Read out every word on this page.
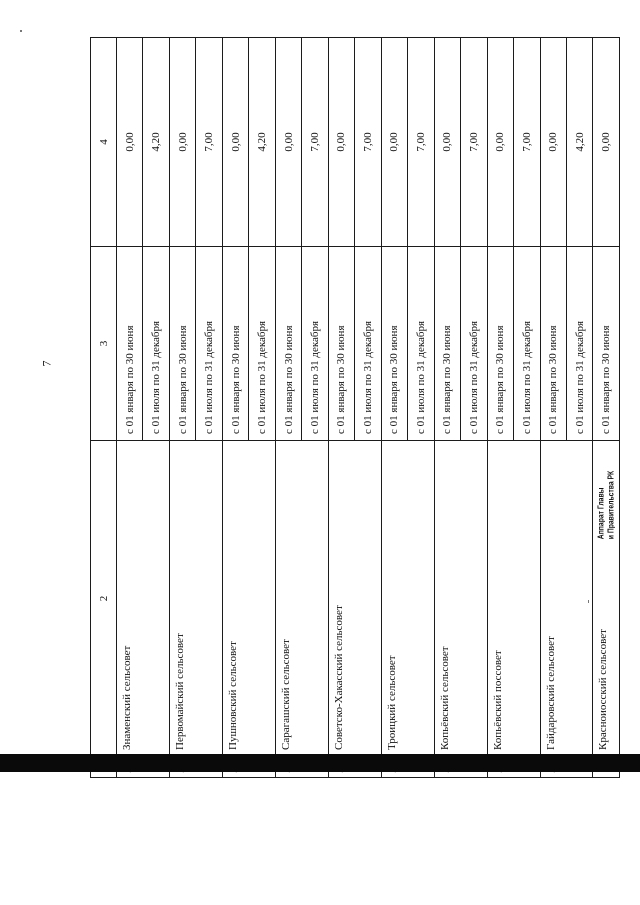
7
	2	3	4
	Знаменский сельсовет	с 01 января по 30 июня	0,00
		с 01 июля по 31 декабря	4,20
	Первомайский сельсовет	с 01 января по 30 июня	0,00
		с 01 июля по 31 декабря	7,00
	Пушновский сельсовет	с 01 января по 30 июня	0,00
		с 01 июля по 31 декабря	4,20
	Сарагашский сельсовет	с 01 января по 30 июня	0,00
		с 01 июля по 31 декабря	7,00
	Советско-Хакасский сельсовет	с 01 января по 30 июня	0,00
		с 01 июля по 31 декабря	7,00
	Троицкий сельсовет	с 01 января по 30 июня	0,00
		с 01 июля по 31 декабря	7,00
	Копьёвский сельсовет	с 01 января по 30 июня	0,00
		с 01 июля по 31 декабря	7,00
	Копьёвский поссовет	с 01 января по 30 июня	0,00
		с 01 июля по 31 декабря	7,00
	Гайдаровский сельсовет	с 01 января по 30 июня	0,00
		с 01 июля по 31 декабря	4,20
	Красноиосский сельсовет	с 01 января по 30 июня	0,00
Аппарат Главы и Правительства РК
